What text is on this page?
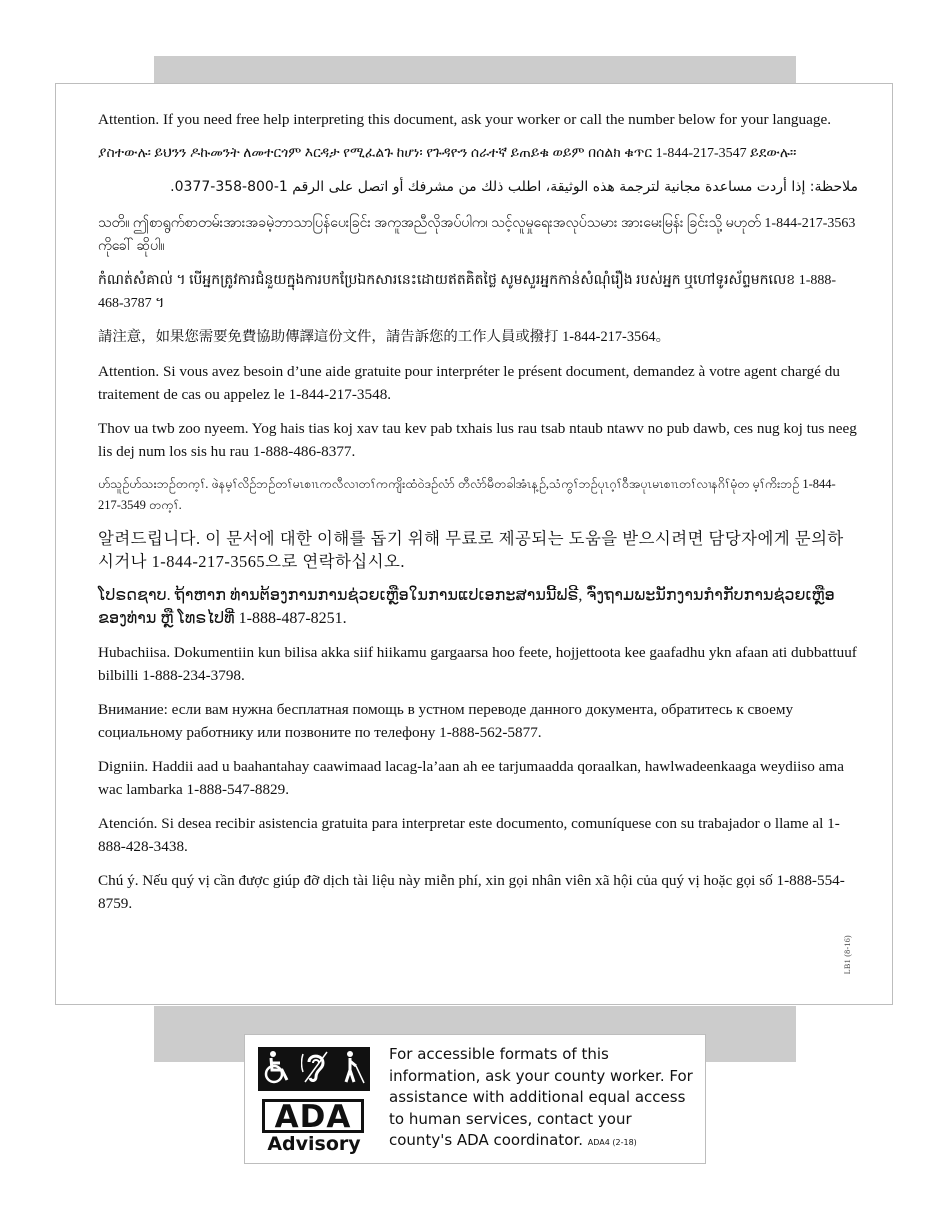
Attention. If you need free help interpreting this document, ask your worker or call the number below for your language.

ያስተውሉ፡ ይህንን ዶኩመንት ለመተርጎም እርዳታ የሚፈልጉ ከሆነ፡ የጉዳዮን ሰራተኛ ይጠይቁ ወይም በሰልክ ቁጥር 1-844-217-3547 ይደውሉ።

ملاحظة: إذا أردت مساعدة مجانية لترجمة هذه الوثيقة، اطلب ذلك من مشرفك أو اتصل على الرقم 1-800-358-0377.

သတိ။ ဤစာရွက်စာတမ်းအားအခမဲ့ဘာသာပြန်ပေးခြင်း အကူအညီလိုအပ်ပါက၊ သင့်လူမှုရေးအလုပ်သမား အားမေးမြန်း ခြင်းသို့ မဟုတ် 1-844-217-3563 ကိုခေါ် ဆိုပါ။

កំណត់សំគាល់ ។ បើអ្នកត្រូវការជំនួយក្នុងការបកប្រែឯកសារនេះដោយឥតគិតថ្លៃ សូមសួរអ្នកកាន់សំណុំរឿង របស់អ្នក ឬហៅទូរស័ព្ទមកលេខ 1-888-468-3787 ។

請注意，如果您需要免費協助傳譯這份文件，請告訴您的工作人員或撥打 1-844-217-3564。

Attention. Si vous avez besoin d’une aide gratuite pour interpréter le présent document, demandez à votre agent chargé du traitement de cas ou appelez le 1-844-217-3548.

Thov ua twb zoo nyeem. Yog hais tias koj xav tau kev pab txhais lus rau tsab ntaub ntawv no pub dawb, ces nug koj tus neeg lis dej num los sis hu rau 1-888-486-8377.

ဟ်သူဉ်ဟ်သးဘဉ်တက့ၢ်. ဖဲနမ့ၢ်လိဉ်ဘဉ်တၢ်မၤစၢၤကလီလၢတၢ်ကကျိးထံဝဲဒဉ်လံာ် တီလံာ်မီတခါအံၤန့ဉ်,သံကွၢ်ဘဉ်ပုၤဂ့ၢ်ဝီအပုၤမၤစၢၤတၢ်လၢနဂိၢ်မုံတ မ့ၢ်ကိးဘဉ် 1-844-217-3549 တက့ၢ်.

알려드립니다. 이 문서에 대한 이해를 돕기 위해 무료로 제공되는 도움을 받으시려면 담당자에게 문의하시거나 1-844-217-3565으로 연락하십시오.

ໂປຣດຊາບ. ຖ້າຫາກ ທ່ານຕ້ອງການການຊ່ວຍເຫຼືອໃນການແປເອກະສານນີ້ຟຣີ, ຈົ່ງຖາມພະນັກງານກຳກັບການຊ່ວຍເຫຼືອ ຂອງທ່ານ ຫຼື ໂທຣໄປທີ່ 1-888-487-8251.

Hubachiisa. Dokumentiin kun bilisa akka siif hiikamu gargaarsa hoo feete, hojjettoota kee gaafadhu ykn afaan ati dubbattuuf bilbilli 1-888-234-3798.

Внимание: если вам нужна бесплатная помощь в устном переводе данного документа, обратитесь к своему социальному работнику или позвоните по телефону 1-888-562-5877.

Digniin. Haddii aad u baahantahay caawimaad lacag-la’aan ah ee tarjumaadda qoraalkan, hawlwadeenkaaga weydiiso ama wac lambarka 1-888-547-8829.

Atención. Si desea recibir asistencia gratuita para interpretar este documento, comuníquese con su trabajador o llame al 1-888-428-3438.

Chú ý. Nếu quý vị cần được giúp đỡ dịch tài liệu này miễn phí, xin gọi nhân viên xã hội của quý vị hoặc gọi số 1-888-554-8759.

LB1 (8-16)
ADA
Advisory
For accessible formats of this information, ask your county worker. For assistance with additional equal access to human services, contact your county's ADA coordinator. ADA4 (2-18)
